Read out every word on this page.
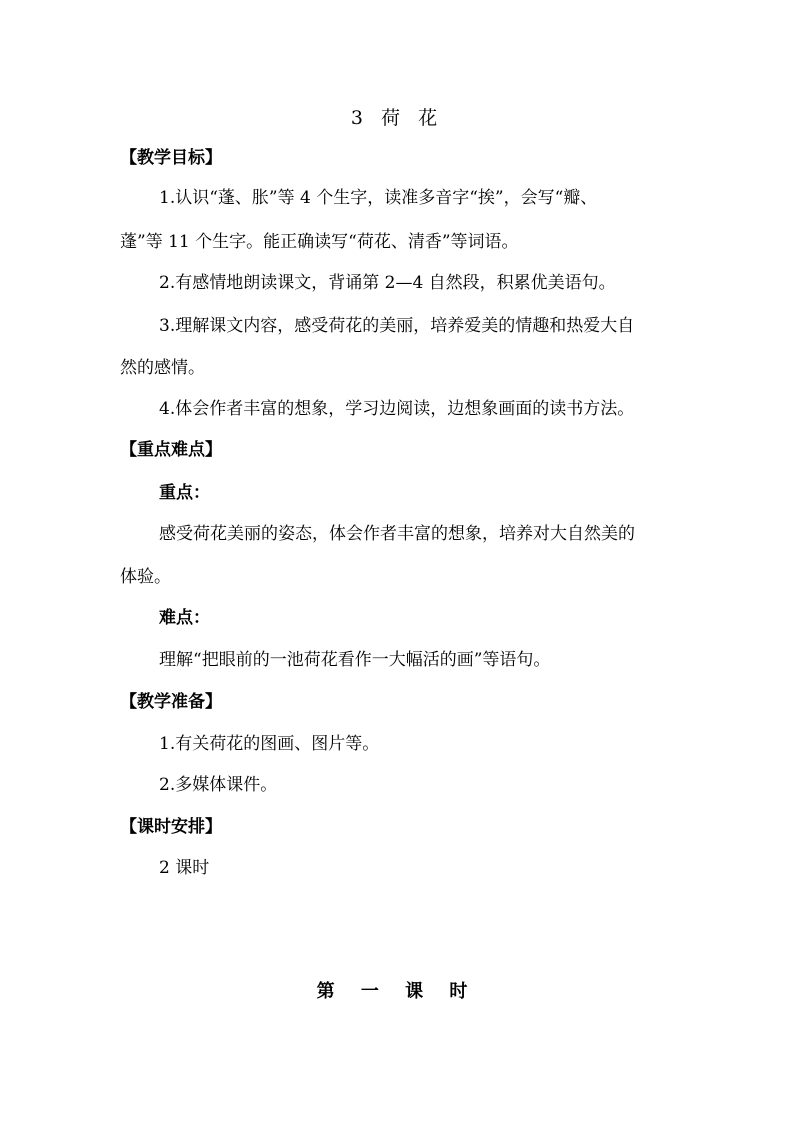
3 荷 花
【教学目标】
1.认识“蓬、胀”等 4 个生字，读准多音字“挨”，会写“瓣、
蓬”等 11 个生字。能正确读写“荷花、清香”等词语。
2.有感情地朗读课文，背诵第 2—4 自然段，积累优美语句。
3.理解课文内容，感受荷花的美丽，培养爱美的情趣和热爱大自
然的感情。
4.体会作者丰富的想象，学习边阅读，边想象画面的读书方法。
【重点难点】
重点：
感受荷花美丽的姿态，体会作者丰富的想象，培养对大自然美的
体验。
难点：
理解“把眼前的一池荷花看作一大幅活的画”等语句。
【教学准备】
1.有关荷花的图画、图片等。
2.多媒体课件。
【课时安排】
2 课时
第 一 课 时
